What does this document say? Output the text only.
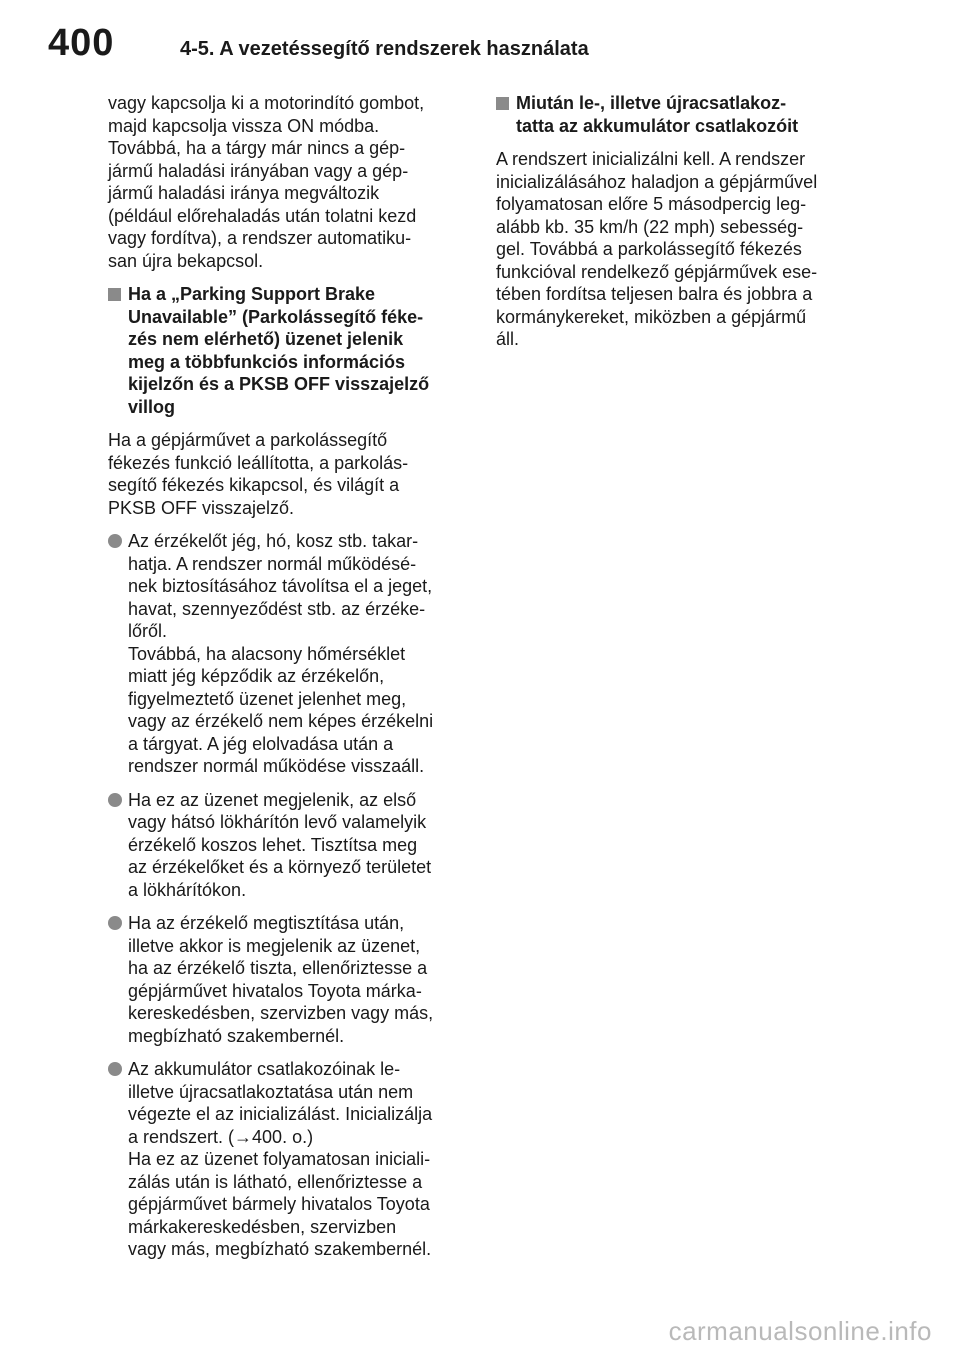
400	4-5. A vezetéssegítő rendszerek használata

vagy kapcsolja ki a motorindító gombot,
majd kapcsolja vissza ON módba.
Továbbá, ha a tárgy már nincs a gép-
jármű haladási irányában vagy a gép-
jármű haladási iránya megváltozik
(például előrehaladás után tolatni kezd
vagy fordítva), a rendszer automatiku-
san újra bekapcsol.

Ha a „Parking Support Brake
Unavailable” (Parkolássegítő féke-
zés nem elérhető) üzenet jelenik
meg a többfunkciós információs
kijelzőn és a PKSB OFF visszajelző
villog

Ha a gépjárművet a parkolássegítő
fékezés funkció leállította, a parkolás-
segítő fékezés kikapcsol, és világít a
PKSB OFF visszajelző.

Az érzékelőt jég, hó, kosz stb. takar-
hatja. A rendszer normál működésé-
nek biztosításához távolítsa el a jeget,
havat, szennyeződést stb. az érzéke-
lőről.
Továbbá, ha alacsony hőmérséklet
miatt jég képződik az érzékelőn,
figyelmeztető üzenet jelenhet meg,
vagy az érzékelő nem képes érzékelni
a tárgyat. A jég elolvadása után a
rendszer normál működése visszaáll.
Ha ez az üzenet megjelenik, az első
vagy hátsó lökhárítón levő valamelyik
érzékelő koszos lehet. Tisztítsa meg
az érzékelőket és a környező területet
a lökhárítókon.
Ha az érzékelő megtisztítása után,
illetve akkor is megjelenik az üzenet,
ha az érzékelő tiszta, ellenőriztesse a
gépjárművet hivatalos Toyota márka-
kereskedésben, szervizben vagy más,
megbízható szakembernél.
Az akkumulátor csatlakozóinak le-
illetve újracsatlakoztatása után nem
végezte el az inicializálást. Inicializálja
a rendszert. (→400. o.)
Ha ez az üzenet folyamatosan iniciali-
zálás után is látható, ellenőriztesse a
gépjárművet bármely hivatalos Toyota
márkakereskedésben, szervizben
vagy más, megbízható szakembernél.
Miután le-, illetve újracsatlakoz-
tatta az akkumulátor csatlakozóit

A rendszert inicializálni kell. A rendszer
inicializálásához haladjon a gépjárművel
folyamatosan előre 5 másodpercig leg-
alább kb. 35 km/h (22 mph) sebesség-
gel. Továbbá a parkolássegítő fékezés
funkcióval rendelkező gépjárművek ese-
tében fordítsa teljesen balra és jobbra a
kormánykereket, miközben a gépjármű
áll.

carmanualsonline.info
